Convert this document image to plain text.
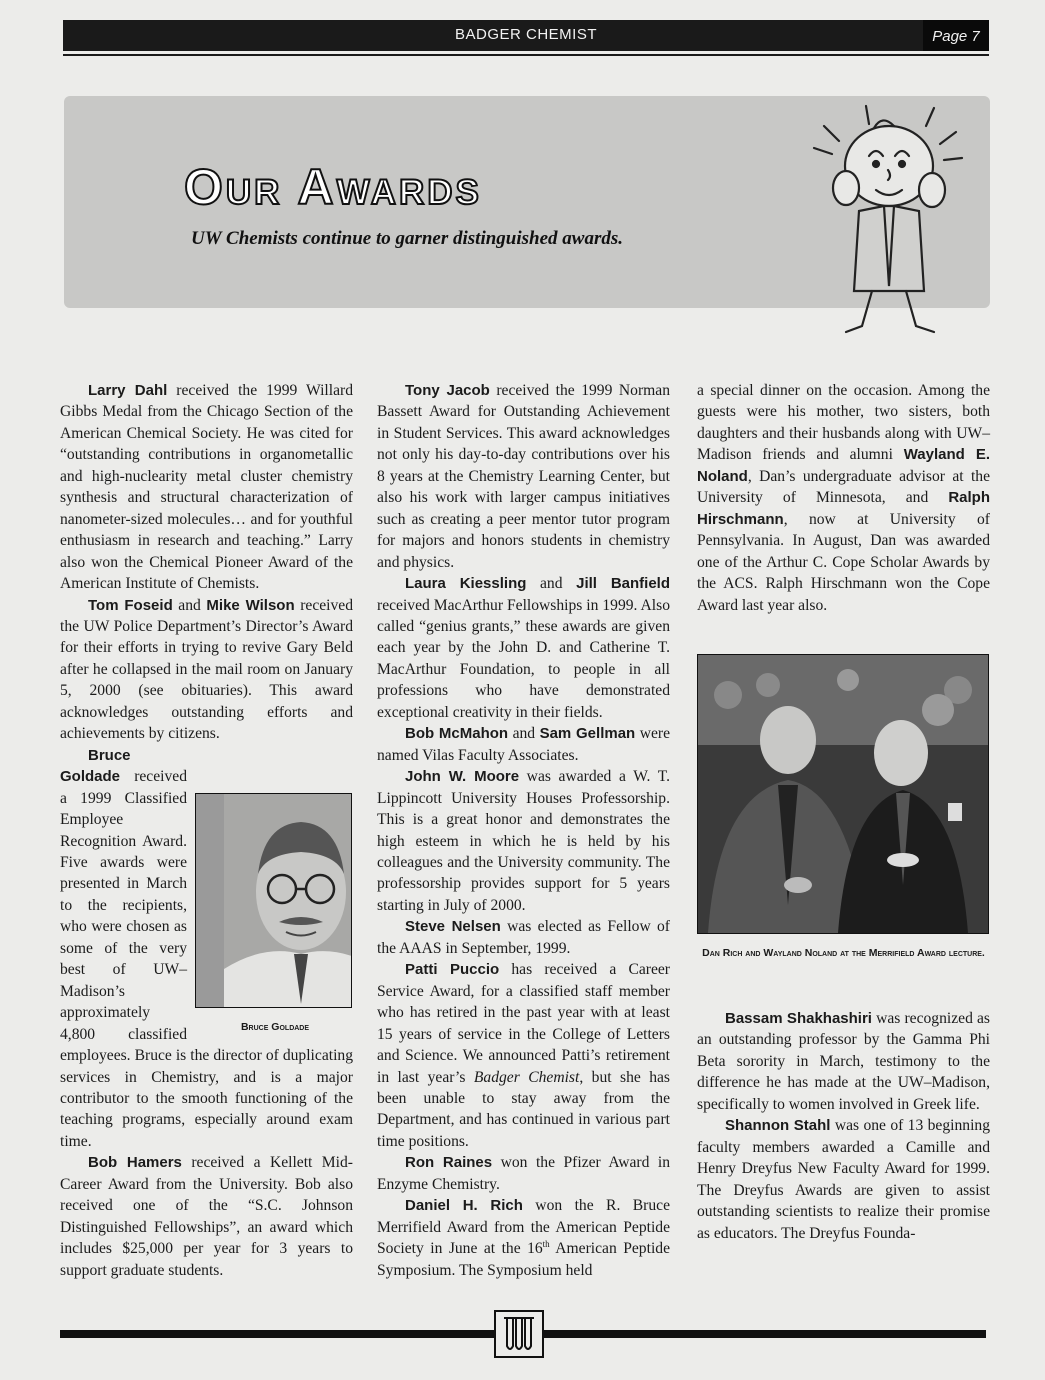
BADGER CHEMIST	Page 7
Our Awards
UW Chemists continue to garner distinguished awards.

Larry Dahl received the 1999 Willard Gibbs Medal from the Chicago Section of the American Chemical Society. He was cited for “outstanding contributions in organometallic and high-nuclearity metal cluster chemistry synthesis and structural characterization of nanometer-sized molecules… and for youthful enthusiasm in research and teaching.” Larry also won the Chemical Pioneer Award of the American Institute of Chemists.

Tom Foseid and Mike Wilson received the UW Police Department’s Director’s Award for their efforts in trying to revive Gary Beld after he collapsed in the mail room on January 5, 2000 (see obituaries). This award acknowledges outstanding efforts and achievements by citizens.

Bruce Goldade
Bruce Goldade received a 1999 Classified Employee Recognition Award. Five awards were presented in March to the recipients, who were chosen as some of the very best of UW–Madison’s approximately 4,800 classified employees. Bruce is the director of duplicating services in Chemistry, and is a major contributor to the smooth functioning of the teaching programs, especially around exam time.

Bob Hamers received a Kellett Mid-Career Award from the University. Bob also received one of the “S.C. Johnson Distinguished Fellowships”, an award which includes $25,000 per year for 3 years to support graduate students.

Tony Jacob received the 1999 Norman Bassett Award for Outstanding Achievement in Student Services. This award acknowledges not only his day-to-day contributions over his 8 years at the Chemistry Learning Center, but also his work with larger campus initiatives such as creating a peer mentor tutor program for majors and honors students in chemistry and physics.

Laura Kiessling and Jill Banfield received MacArthur Fellowships in 1999. Also called “genius grants,” these awards are given each year by the John D. and Catherine T. MacArthur Foundation, to people in all professions who have demonstrated exceptional creativity in their fields.

Bob McMahon and Sam Gellman were named Vilas Faculty Associates.

John W. Moore was awarded a W. T. Lippincott University Houses Professorship. This is a great honor and demonstrates the high esteem in which he is held by his colleagues and the University community. The professorship provides support for 5 years starting in July of 2000.

Steve Nelsen was elected as Fellow of the AAAS in September, 1999.

Patti Puccio has received a Career Service Award, for a classified staff member who has retired in the past year with at least 15 years of service in the College of Letters and Science. We announced Patti’s retirement in last year’s Badger Chemist, but she has been unable to stay away from the Department, and has continued in various part time positions.

Ron Raines won the Pfizer Award in Enzyme Chemistry.

Daniel H. Rich won the R. Bruce Merrifield Award from the American Peptide Society in June at the 16th American Peptide Symposium. The Symposium held

a special dinner on the occasion. Among the guests were his mother, two sisters, both daughters and their husbands along with UW–Madison friends and alumni Wayland E. Noland, Dan’s undergraduate advisor at the University of Minnesota, and Ralph Hirschmann, now at University of Pennsylvania. In August, Dan was awarded one of the Arthur C. Cope Scholar Awards by the ACS. Ralph Hirschmann won the Cope Award last year also.

Dan Rich and Wayland Noland at the Merrifield Award lecture.

Bassam Shakhashiri was recognized as an outstanding professor by the Gamma Phi Beta sorority in March, testimony to the difference he has made at the UW–Madison, specifically to women involved in Greek life.

Shannon Stahl was one of 13 beginning faculty members awarded a Camille and Henry Dreyfus New Faculty Award for 1999. The Dreyfus Awards are given to assist outstanding scientists to realize their promise as educators. The Dreyfus Founda-
